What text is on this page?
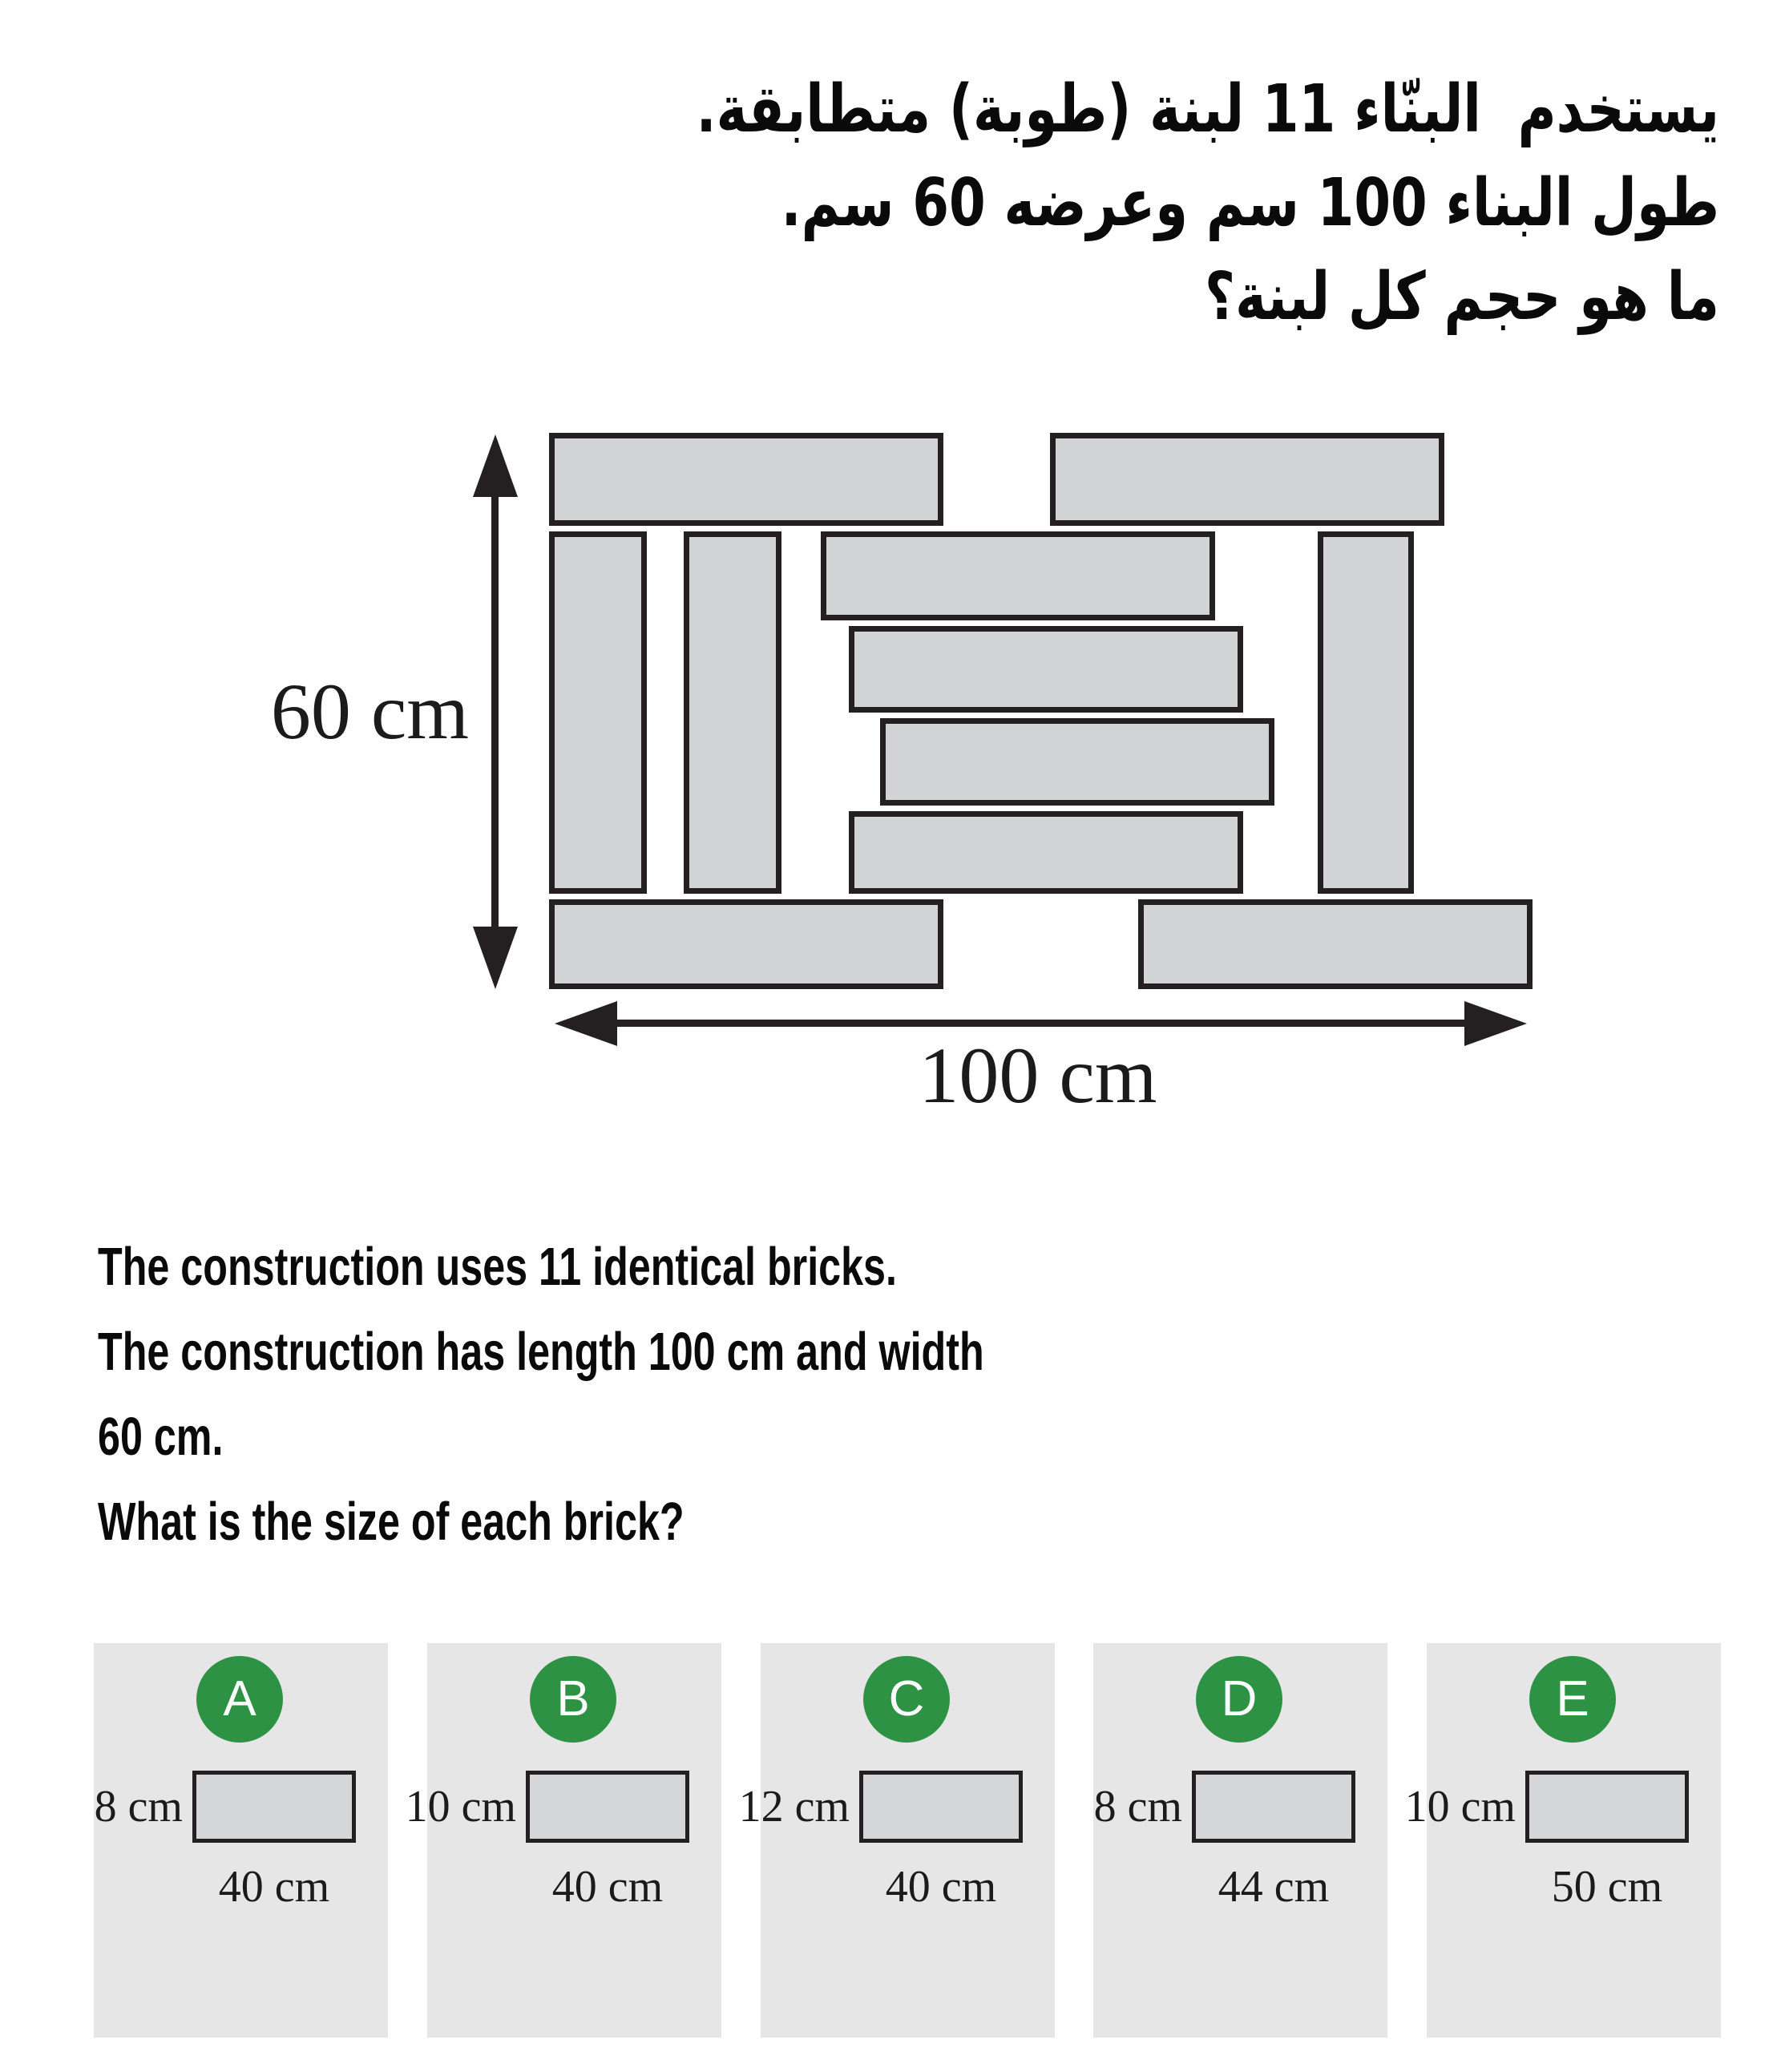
يستخدم  البنّاء 11 لبنة (طوبة) متطابقة.
طول البناء 100 سم وعرضه 60 سم.
ما هو حجم كل لبنة؟
60 cm
100 cm
The construction uses 11 identical bricks.
The construction has length 100 cm and width
60 cm.
What is the size of each brick?
A
8 cm
40 cm
B
10 cm
40 cm
C
12 cm
40 cm
D
8 cm
44 cm
E
10 cm
50 cm
